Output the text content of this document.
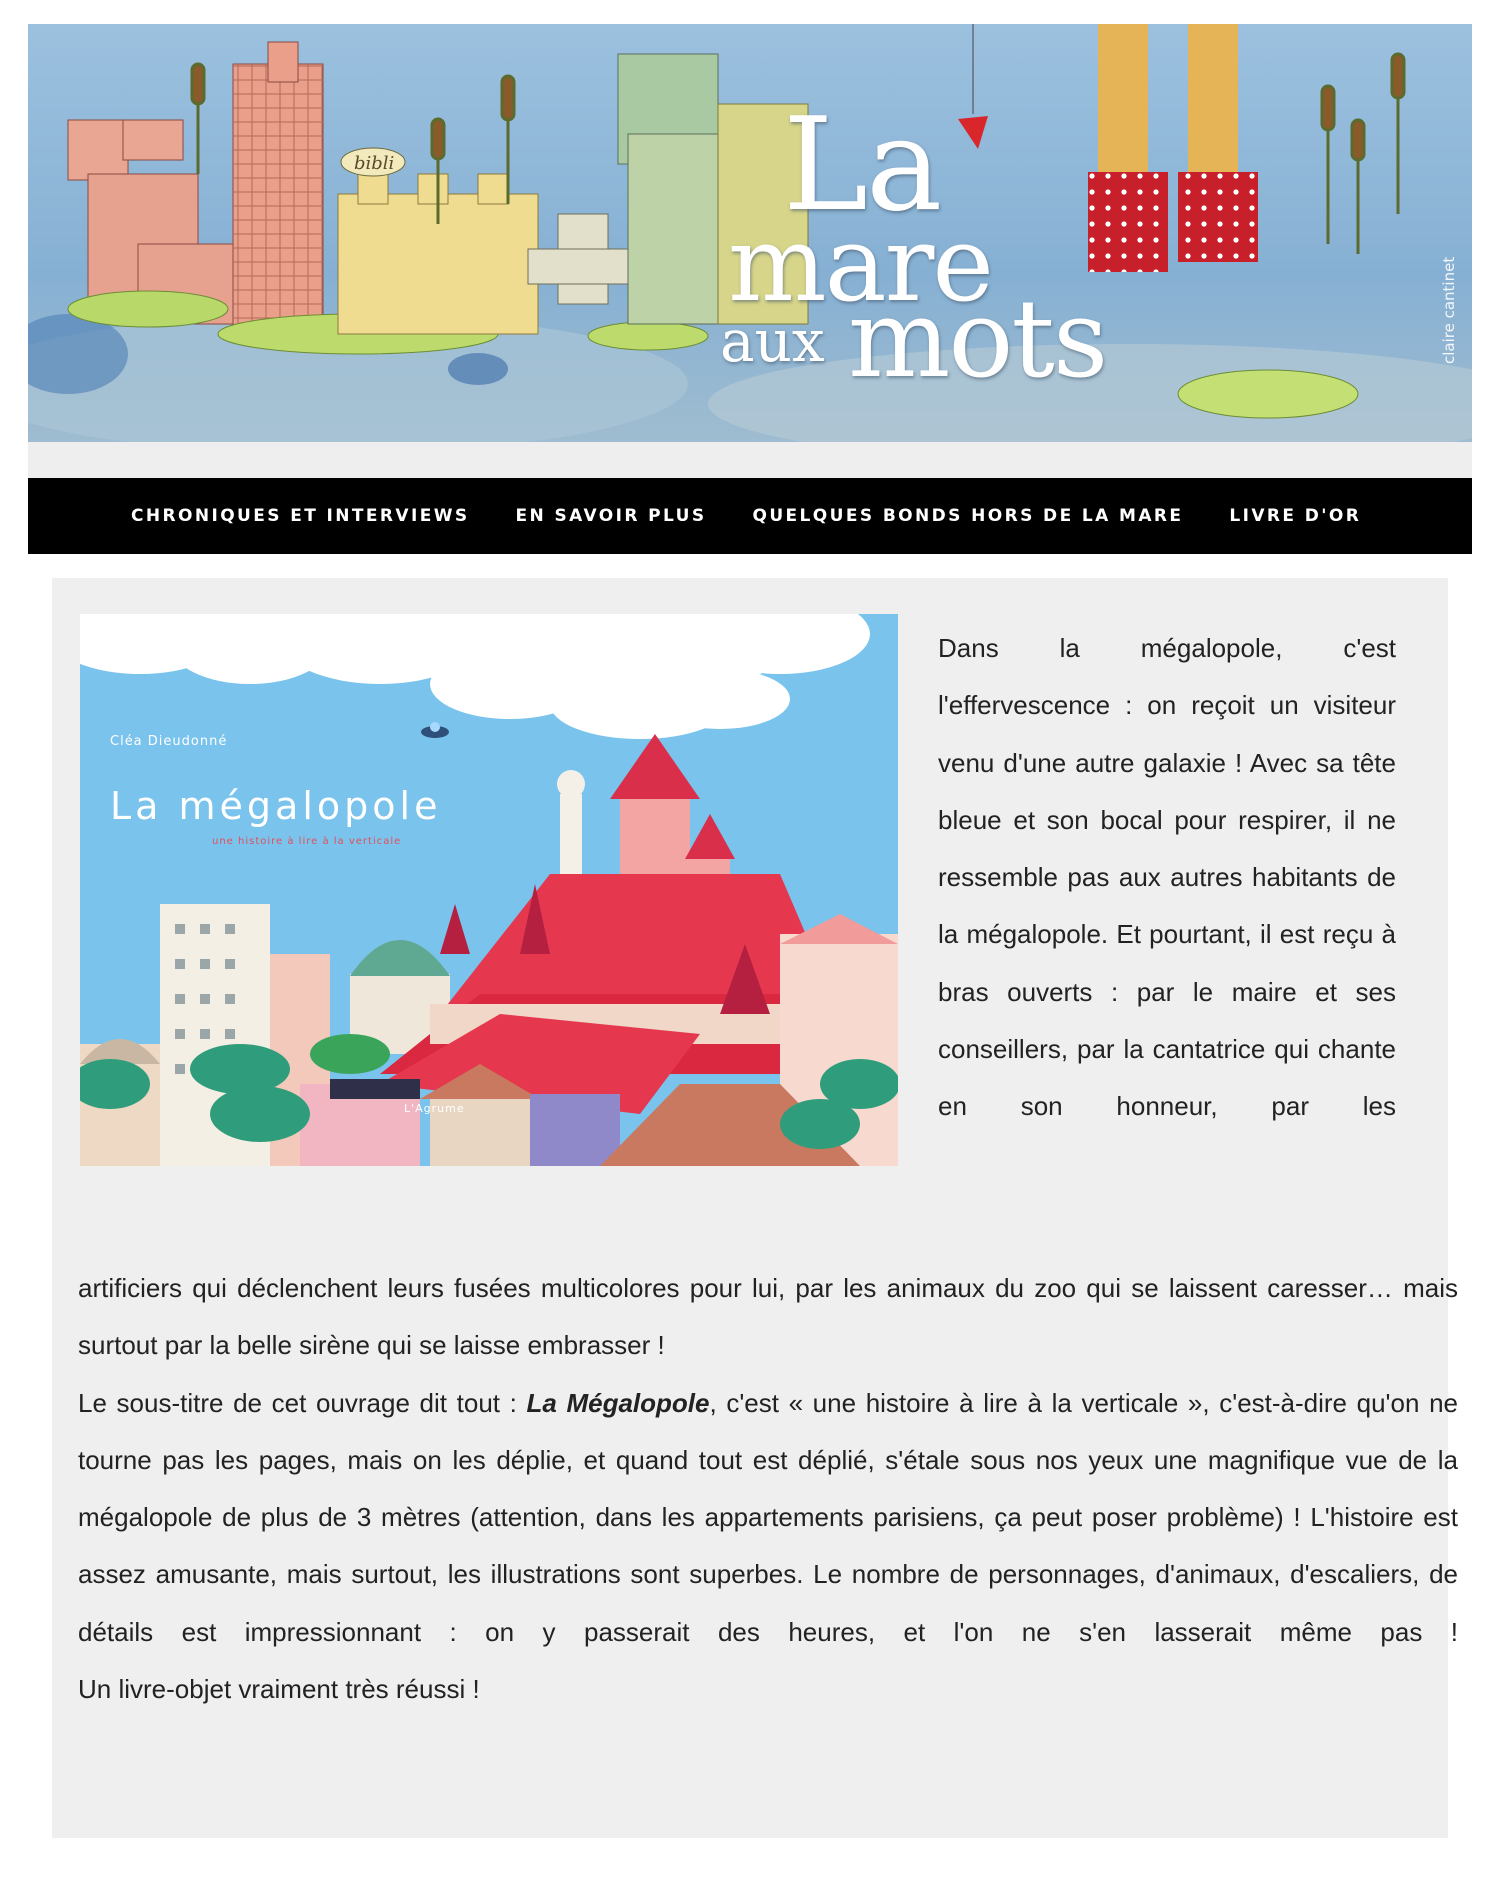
bibli	La
mare
aux mots	claire cantinet
CHRONIQUES ET INTERVIEWS	EN SAVOIR PLUS	QUELQUES BONDS HORS DE LA MARE	LIVRE D'OR
Cléa Dieudonné
La mégalopole
une histoire à lire à la verticale
L'Agrume
Dans la mégalopole, c'est l'effervescence : on reçoit un visiteur venu d'une autre galaxie ! Avec sa tête bleue et son bocal pour respirer, il ne ressemble pas aux autres habitants de la mégalopole. Et pourtant, il est reçu à bras ouverts : par le maire et ses conseillers, par la cantatrice qui chante en son honneur, par les

artificiers qui déclenchent leurs fusées multicolores pour lui, par les animaux du zoo qui se laissent caresser… mais surtout par la belle sirène qui se laisse embrasser !

Le sous-titre de cet ouvrage dit tout : La Mégalopole, c'est « une histoire à lire à la verticale », c'est-à-dire qu'on ne tourne pas les pages, mais on les déplie, et quand tout est déplié, s'étale sous nos yeux une magnifique vue de la mégalopole de plus de 3 mètres (attention, dans les appartements parisiens, ça peut poser problème) ! L'histoire est assez amusante, mais surtout, les illustrations sont superbes. Le nombre de personnages, d'animaux, d'escaliers, de détails est impressionnant : on y passerait des heures, et l'on ne s'en lasserait même pas !

Un livre-objet vraiment très réussi !
